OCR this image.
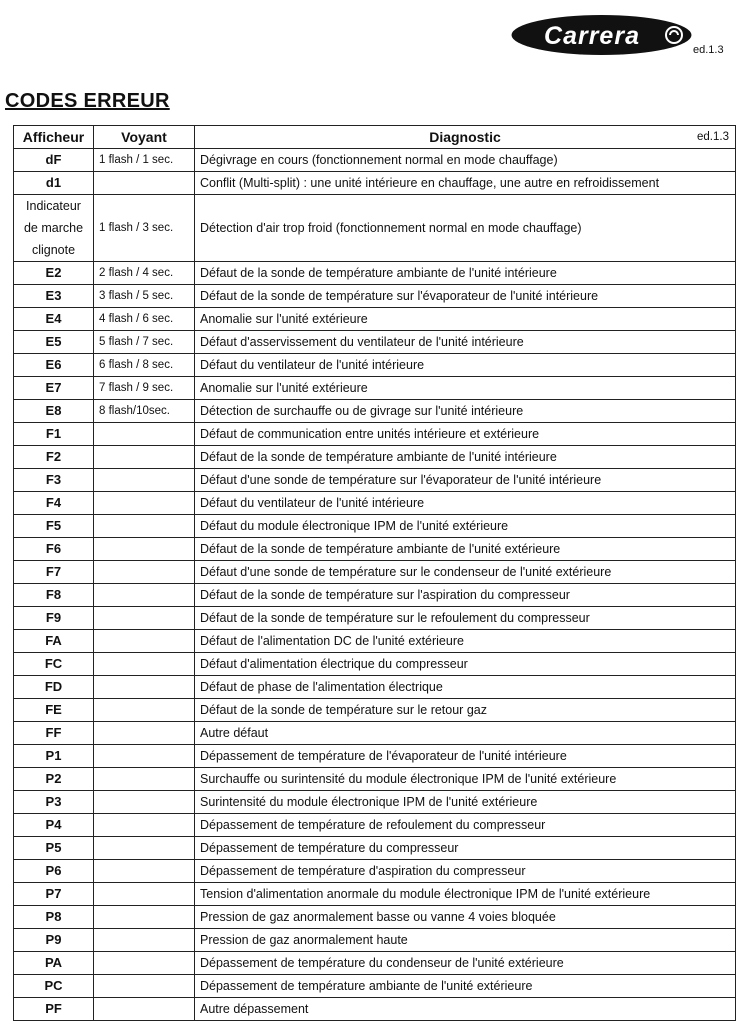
Carrera	ed.1.3
CODES ERREUR
Afficheur	Voyant	Diagnostic ed.1.3

dF	1 flash / 1 sec.	Dégivrage en cours (fonctionnement normal en mode chauffage)
d1		Conflit (Multi-split) : une unité intérieure en chauffage, une autre en refroidissement

Indicateur
de marche
clignote	1 flash / 3 sec.	Détection d'air trop froid (fonctionnement normal en mode chauffage)
E2	2 flash / 4 sec.	Défaut de la sonde de température ambiante de l'unité intérieure
E3	3 flash / 5 sec.	Défaut de la sonde de température sur l'évaporateur de l'unité intérieure
E4	4 flash / 6 sec.	Anomalie sur l'unité extérieure
E5	5 flash / 7 sec.	Défaut d'asservissement du ventilateur de l'unité intérieure
E6	6 flash / 8 sec.	Défaut du ventilateur de l'unité intérieure
E7	7 flash / 9 sec.	Anomalie sur l'unité extérieure
E8	8 flash/10sec.	Détection de surchauffe ou de givrage sur l'unité intérieure
F1		Défaut de communication entre unités intérieure et extérieure
F2		Défaut de la sonde de température ambiante de l'unité intérieure
F3		Défaut d'une sonde de température sur l'évaporateur de l'unité intérieure
F4		Défaut du ventilateur de l'unité intérieure
F5		Défaut du module électronique IPM de l'unité extérieure
F6		Défaut de la sonde de température ambiante de l'unité extérieure
F7		Défaut d'une sonde de température sur le condenseur de l'unité extérieure
F8		Défaut de la sonde de température sur l'aspiration du compresseur
F9		Défaut de la sonde de température sur le refoulement du compresseur
FA		Défaut de l'alimentation DC de l'unité extérieure
FC		Défaut d'alimentation électrique du compresseur
FD		Défaut de phase de l'alimentation électrique
FE		Défaut de la sonde de température sur le retour gaz
FF		Autre défaut
P1		Dépassement de température de l'évaporateur de l'unité intérieure
P2		Surchauffe ou surintensité du module électronique IPM de l'unité extérieure
P3		Surintensité du module électronique IPM de l'unité extérieure
P4		Dépassement de température de refoulement du compresseur
P5		Dépassement de température du compresseur
P6		Dépassement de température d'aspiration du compresseur
P7		Tension d'alimentation anormale du module électronique IPM de l'unité extérieure
P8		Pression de gaz anormalement basse ou vanne 4 voies bloquée
P9		Pression de gaz anormalement haute
PA		Dépassement de température du condenseur de l'unité extérieure
PC		Dépassement de température ambiante de l'unité extérieure
PF		Autre dépassement
